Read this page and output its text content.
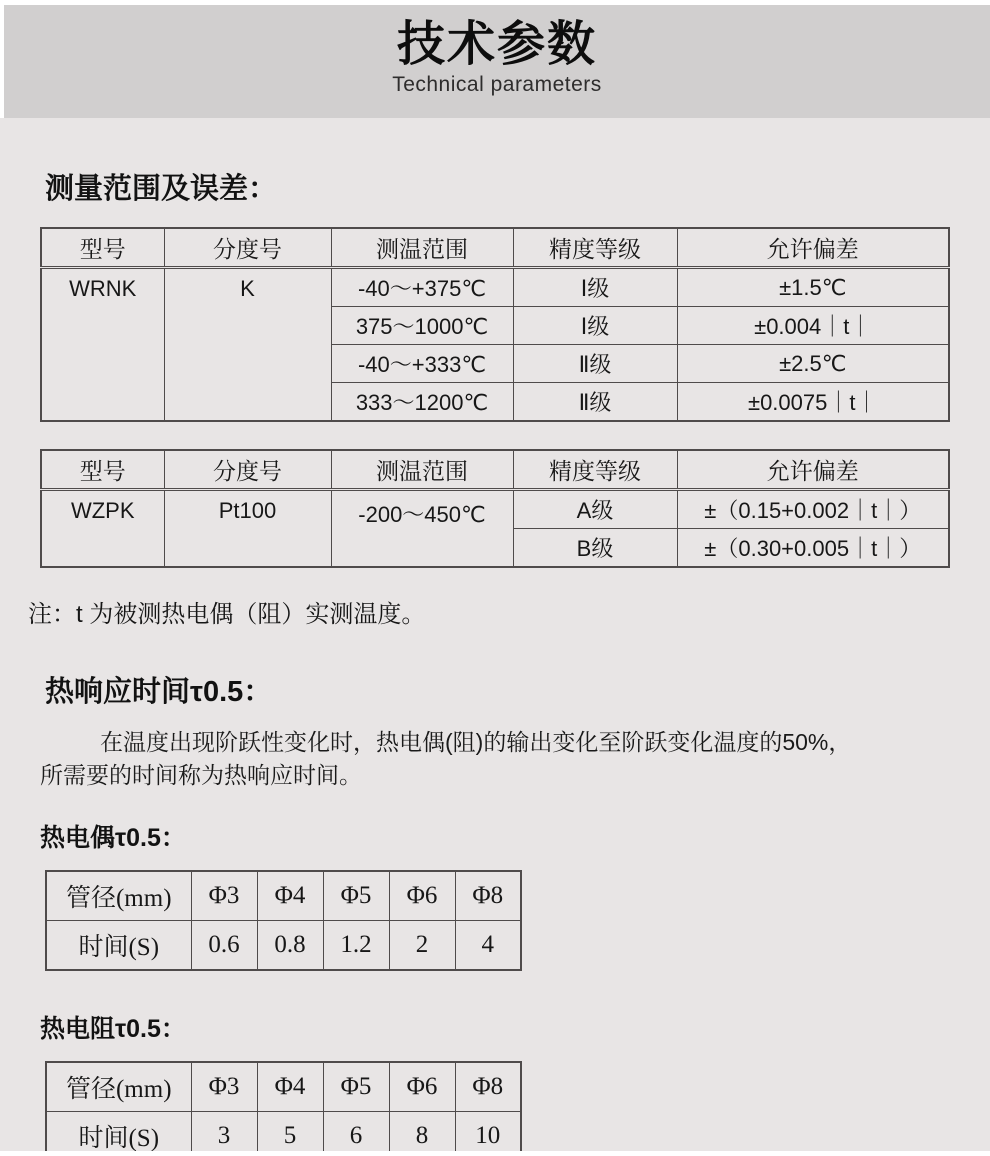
技术参数
Technical parameters
测量范围及误差：
型号	分度号	测温范围	精度等级	允许偏差
WRNK	K	-40～+375℃	Ⅰ级	±1.5℃
		375～1000℃	Ⅰ级	±0.004｜t｜
		-40～+333℃	Ⅱ级	±2.5℃
		333～1200℃	Ⅱ级	±0.0075｜t｜
型号	分度号	测温范围	精度等级	允许偏差
WZPK	Pt100	-200～450℃	A级	±（0.15+0.002｜t｜）
			B级	±（0.30+0.005｜t｜）
注：t 为被测热电偶（阻）实测温度。
热响应时间τ0.5：
在温度出现阶跃性变化时，热电偶(阻)的输出变化至阶跃变化温度的50%，
所需要的时间称为热响应时间。
热电偶τ0.5：
管径(mm)	Φ3	Φ4	Φ5	Φ6	Φ8
时间(S)	0.6	0.8	1.2	2	4
热电阻τ0.5：
管径(mm)	Φ3	Φ4	Φ5	Φ6	Φ8
时间(S)	3	5	6	8	10
